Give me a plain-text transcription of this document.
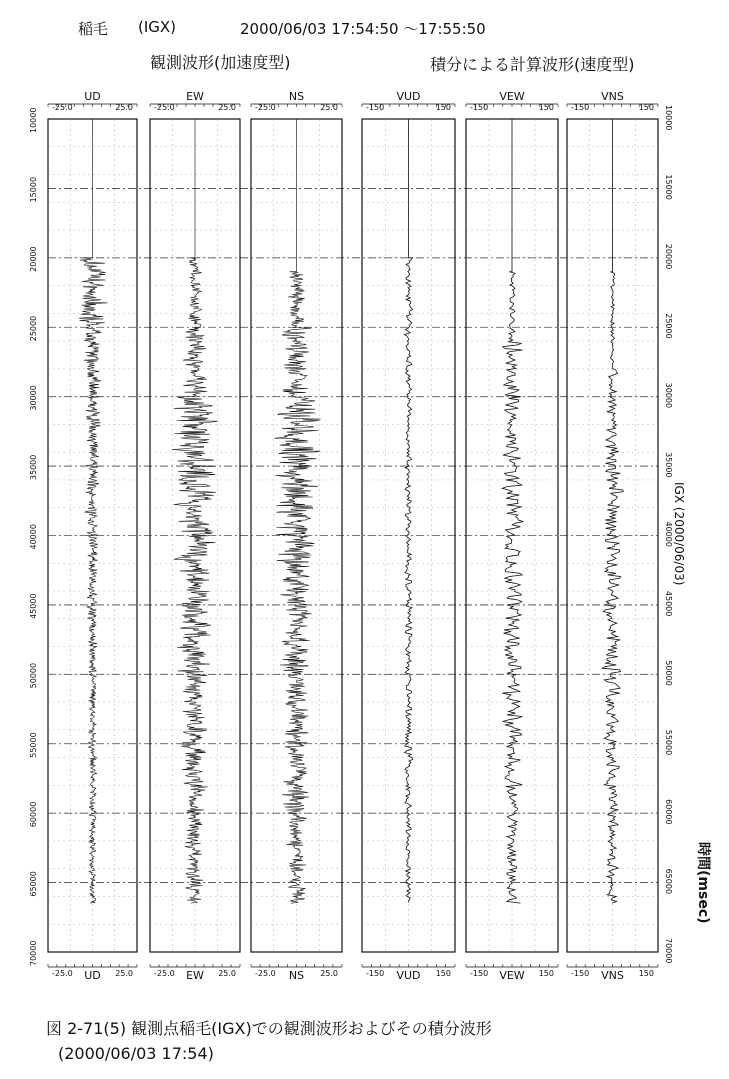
稲毛 (IGX)	2000/06/03 17:54:50 ～17:55:50
観測波形(加速度型)	積分による計算波形(速度型)
10000	10000
15000	15000
20000	20000
25000	25000
30000	30000
35000	35000
40000	40000
45000	45000
50000	50000
55000	55000
60000	60000
65000	65000
70000	70000
UD
UD
-25.0	25.0
-25.0	25.0
EW
EW
-25.0	25.0
-25.0	25.0
NS
NS
-25.0	25.0
-25.0	25.0
VUD
VUD
-150	150
-150	150
VEW
VEW
-150	150
-150	150
VNS
VNS
-150	150
-150	150
IGX (2000/06/03)
時間(msec)
図 2-71(5) 観測点稲毛(IGX)での観測波形およびその積分波形
(2000/06/03 17:54)
